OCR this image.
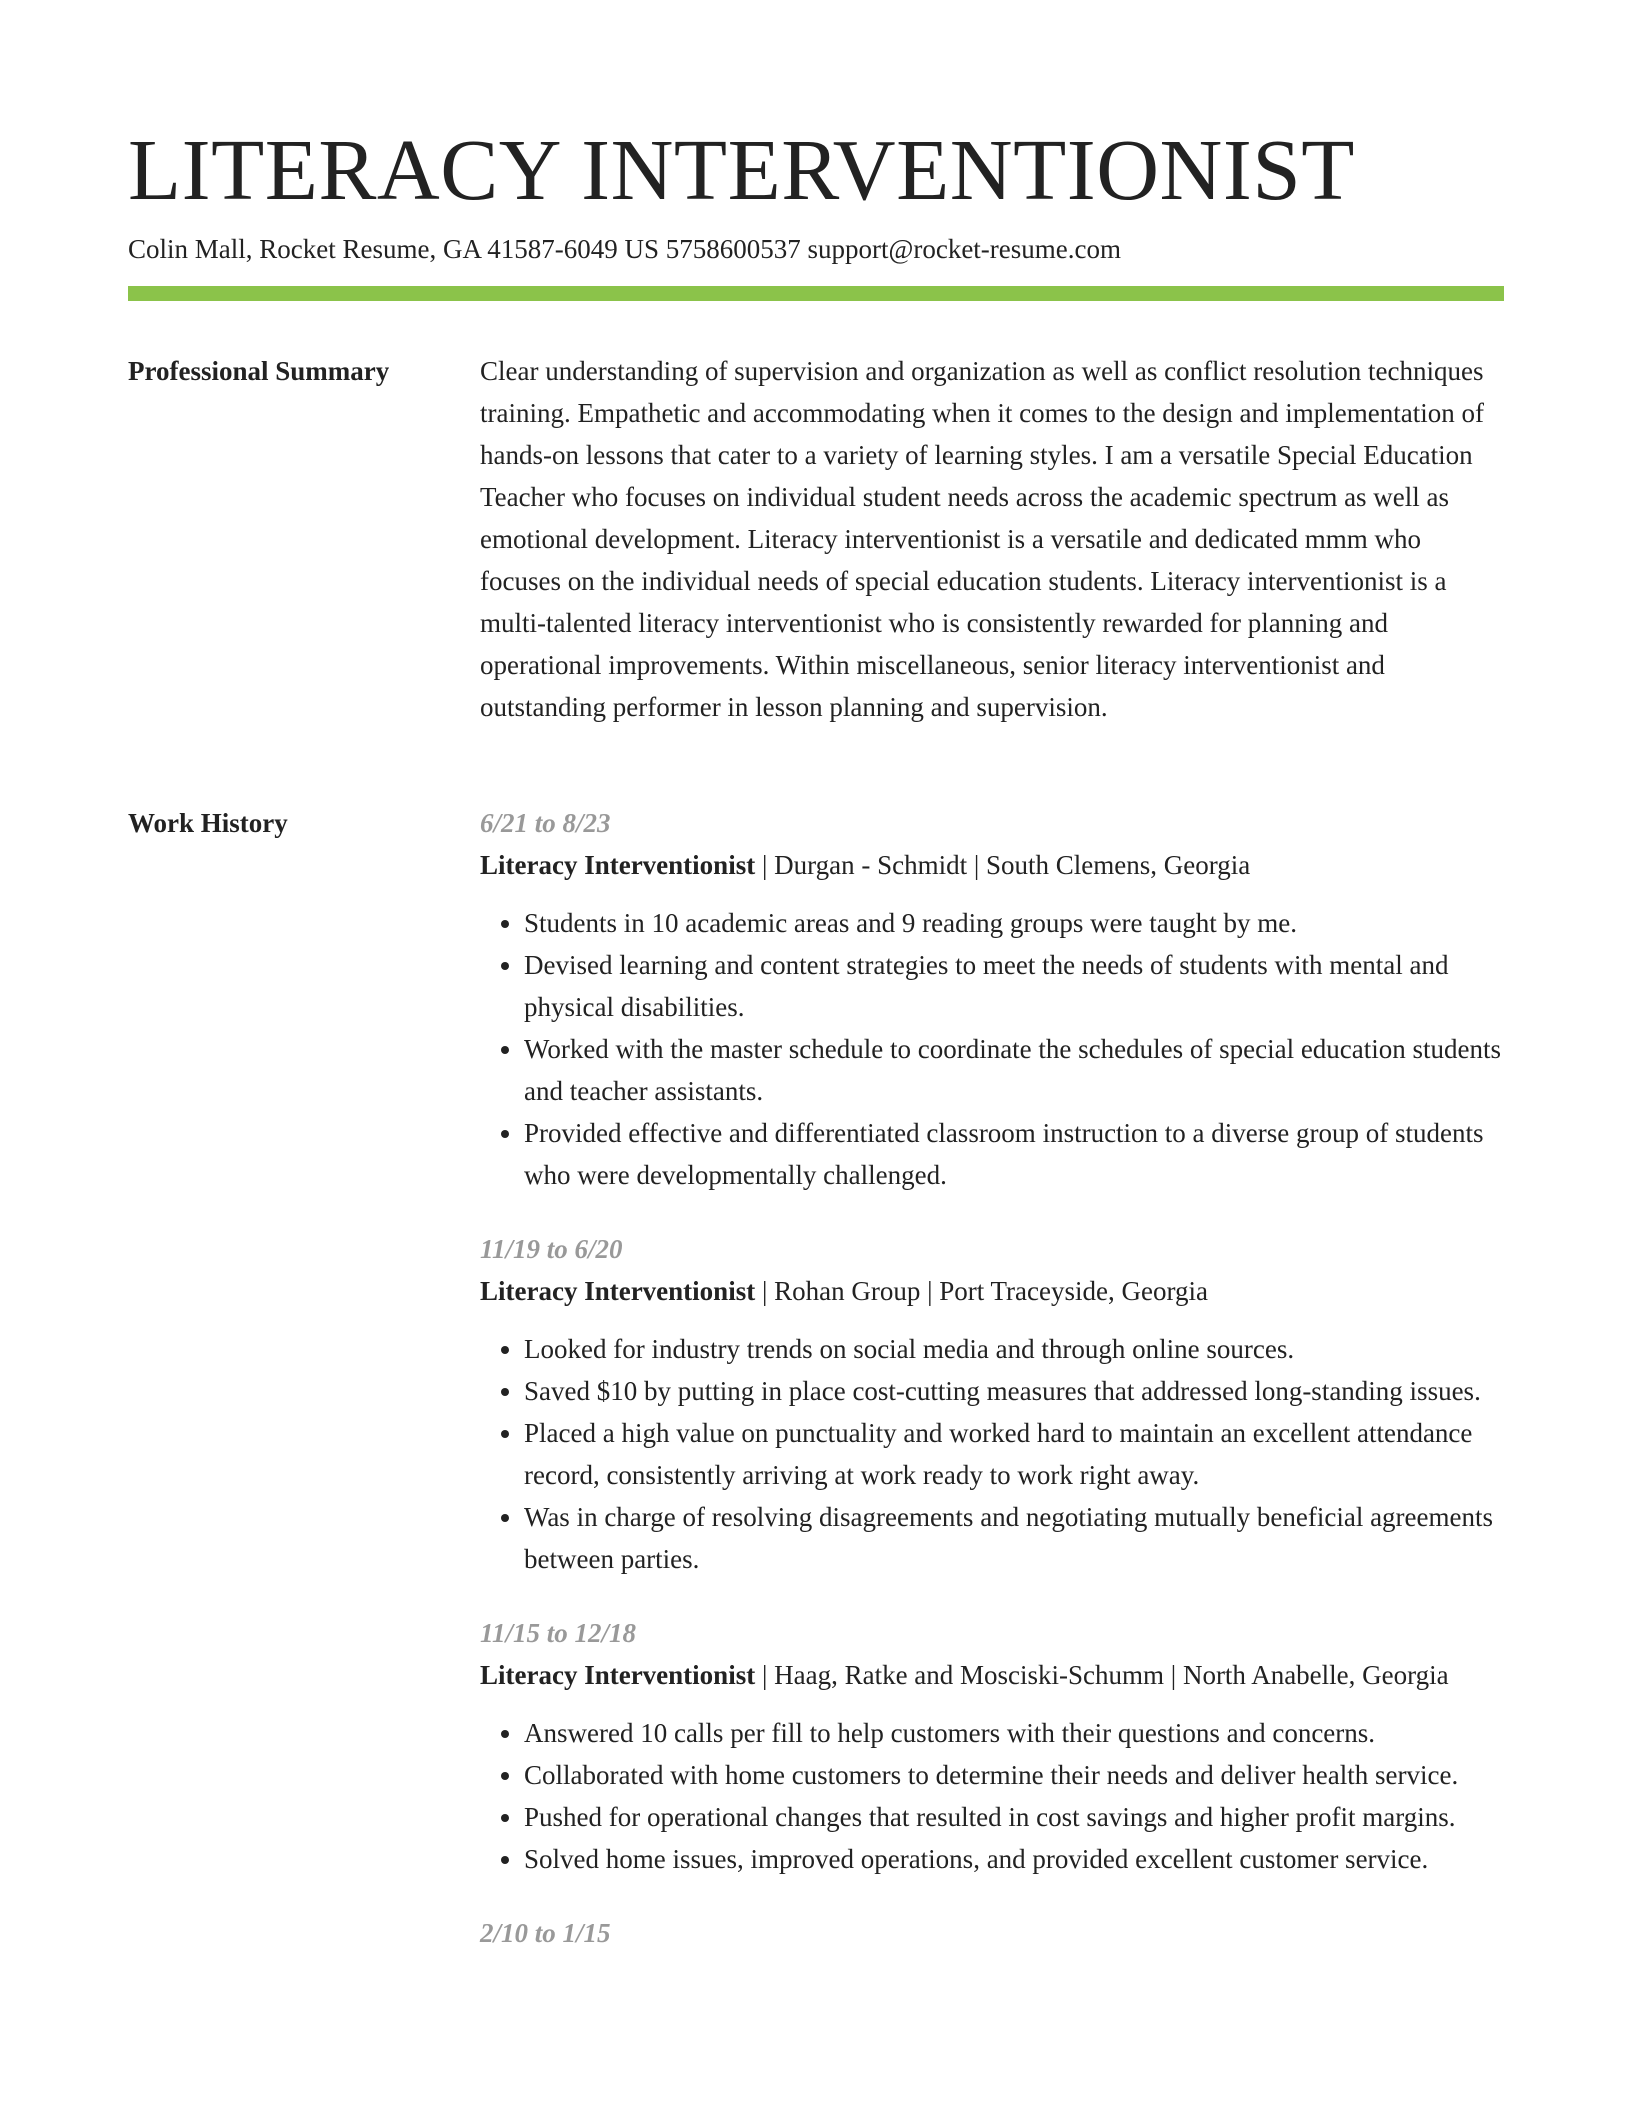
LITERACY INTERVENTIONIST
Colin Mall, Rocket Resume, GA 41587-6049 US 5758600537 support@rocket-resume.com
Professional Summary	Clear understanding of supervision and organization as well as conflict resolution techniques training. Empathetic and accommodating when it comes to the design and implementation of hands-on lessons that cater to a variety of learning styles. I am a versatile Special Education Teacher who focuses on individual student needs across the academic spectrum as well as emotional development. Literacy interventionist is a versatile and dedicated mmm who focuses on the individual needs of special education students. Literacy interventionist is a multi-talented literacy interventionist who is consistently rewarded for planning and operational improvements. Within miscellaneous, senior literacy interventionist and outstanding performer in lesson planning and supervision.

Work History	6/21 to 8/23

Literacy Interventionist | Durgan - Schmidt | South Clemens, Georgia

• Students in 10 academic areas and 9 reading groups were taught by me.
• Devised learning and content strategies to meet the needs of students with mental and physical disabilities.
• Worked with the master schedule to coordinate the schedules of special education students and teacher assistants.
• Provided effective and differentiated classroom instruction to a diverse group of students who were developmentally challenged.

11/19 to 6/20

Literacy Interventionist | Rohan Group | Port Traceyside, Georgia

• Looked for industry trends on social media and through online sources.
• Saved $10 by putting in place cost-cutting measures that addressed long-standing issues.
• Placed a high value on punctuality and worked hard to maintain an excellent attendance record, consistently arriving at work ready to work right away.
• Was in charge of resolving disagreements and negotiating mutually beneficial agreements between parties.

11/15 to 12/18

Literacy Interventionist | Haag, Ratke and Mosciski-Schumm | North Anabelle, Georgia

• Answered 10 calls per fill to help customers with their questions and concerns.
• Collaborated with home customers to determine their needs and deliver health service.
• Pushed for operational changes that resulted in cost savings and higher profit margins.
• Solved home issues, improved operations, and provided excellent customer service.

2/10 to 1/15
